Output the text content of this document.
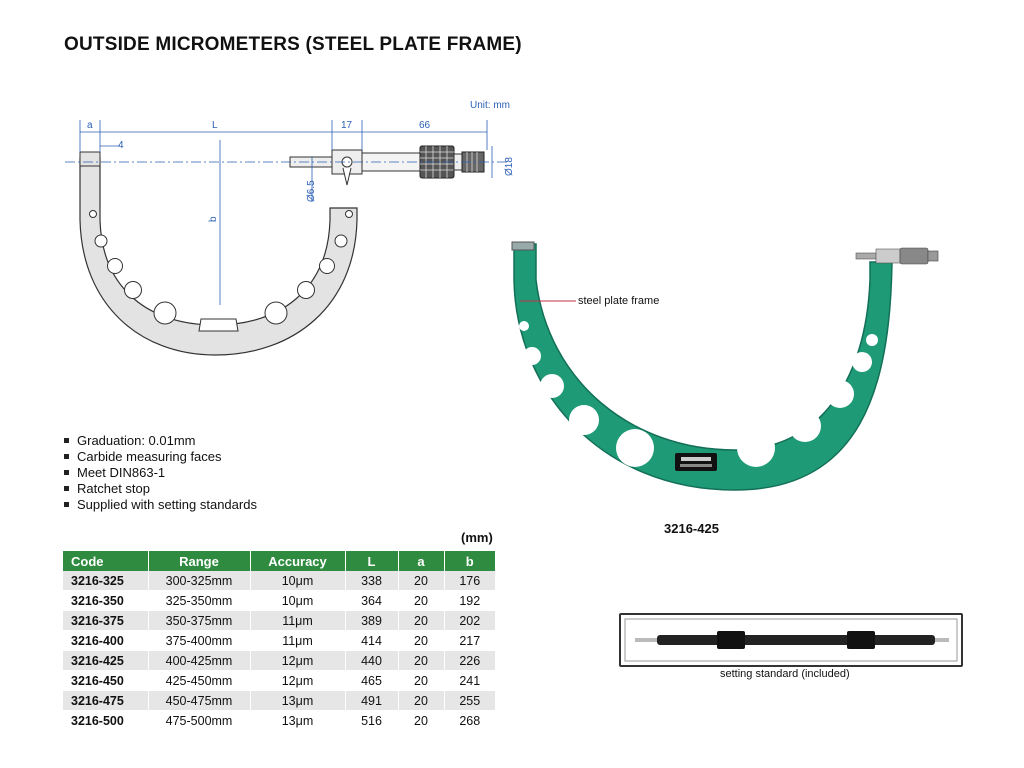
OUTSIDE MICROMETERS (STEEL PLATE FRAME)
Unit: mm
a	L	17	66
4
b
Ø6.5
Ø18
Graduation: 0.01mm
Carbide measuring faces
Meet DIN863-1
Ratchet stop
Supplied with setting standards
(mm)
Code	Range	Accuracy	L	a	b
3216-325	300-325mm	10μm	338	20	176
3216-350	325-350mm	10μm	364	20	192
3216-375	350-375mm	11μm	389	20	202
3216-400	375-400mm	11μm	414	20	217
3216-425	400-425mm	12μm	440	20	226
3216-450	425-450mm	12μm	465	20	241
3216-475	450-475mm	13μm	491	20	255
3216-500	475-500mm	13μm	516	20	268
steel plate frame
3216-425
setting standard (included)
